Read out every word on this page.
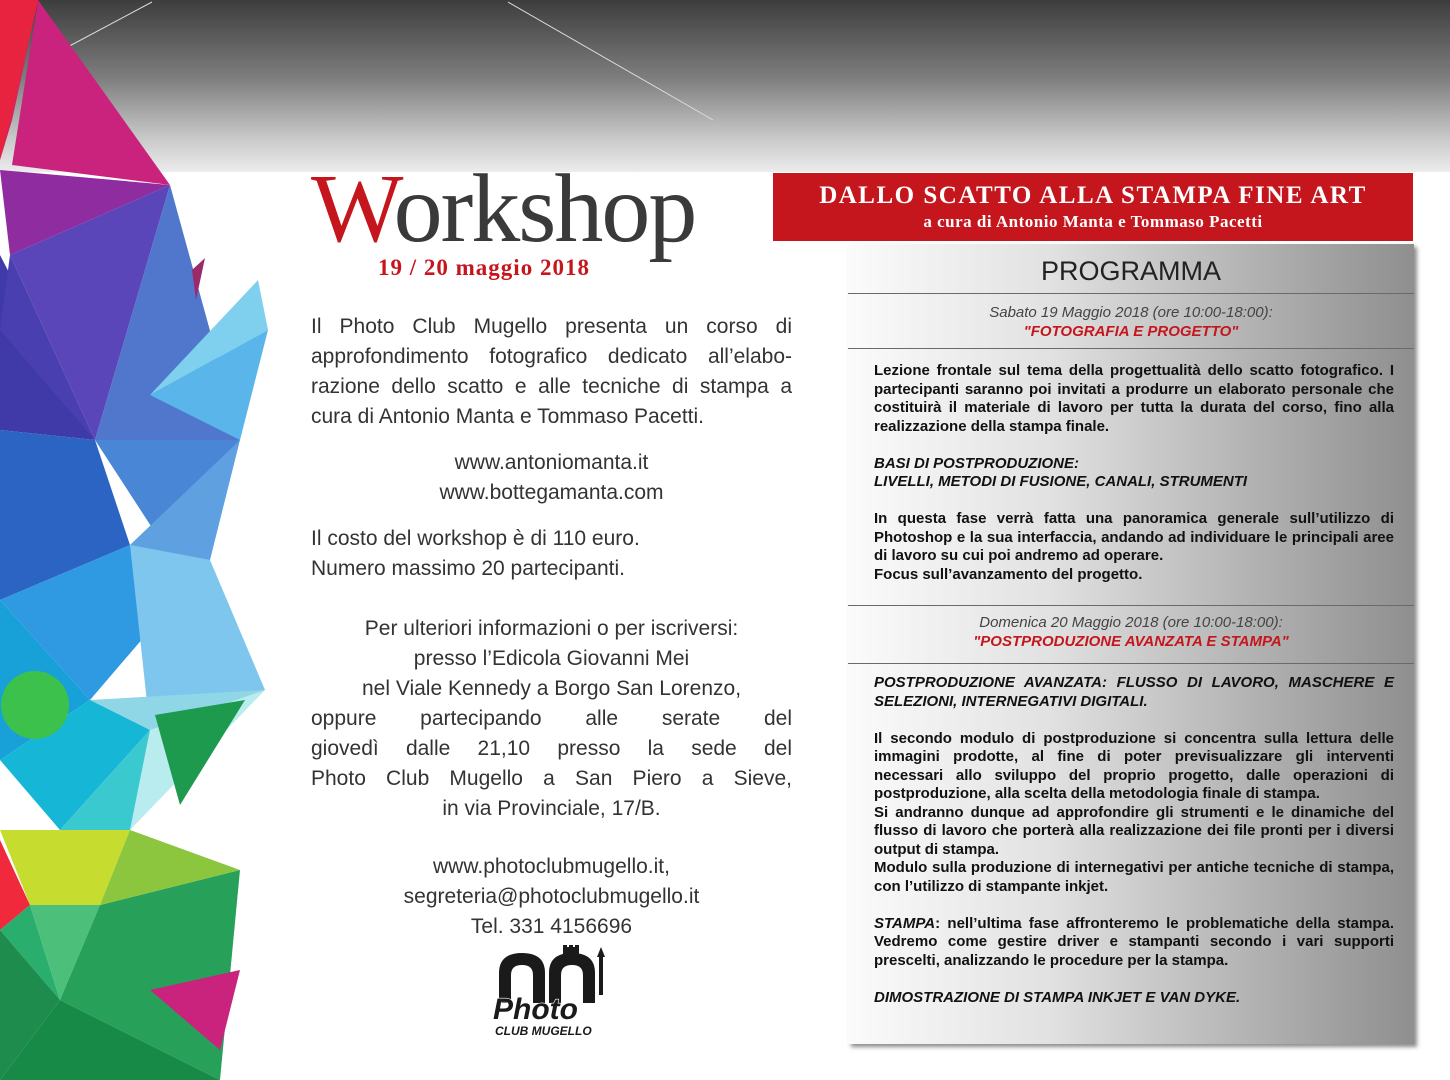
Workshop
19 / 20 maggio 2018
Il Photo Club Mugello presenta un corso di approfondimento fotografico dedicato all’elabo-razione dello scatto e alle tecniche di stampa a cura di Antonio Manta e Tommaso Pacetti.
www.antoniomanta.it
www.bottegamanta.com
Il costo del workshop è di 110 euro.
Numero massimo 20 partecipanti.
Per ulteriori informazioni o per iscriversi:
presso l’Edicola Giovanni Mei
nel Viale Kennedy a Borgo San Lorenzo,
oppure partecipando alle serate del
giovedì dalle 21,10 presso la sede del
Photo Club Mugello a San Piero a Sieve,
in via Provinciale, 17/B.
www.photoclubmugello.it,
segreteria@photoclubmugello.it
Tel. 331 4156696
Photo
CLUB MUGELLO
DALLO SCATTO ALLA STAMPA FINE ART
a cura di Antonio Manta e Tommaso Pacetti
PROGRAMMA
Sabato 19 Maggio 2018 (ore 10:00-18:00):
"FOTOGRAFIA E PROGETTO"

Lezione frontale sul tema della progettualità dello scatto fotografico. I partecipanti saranno poi invitati a produrre un elaborato personale che costituirà il materiale di lavoro per tutta la durata del corso, fino alla realizzazione della stampa finale.

BASI DI POSTPRODUZIONE:

LIVELLI, METODI DI FUSIONE, CANALI, STRUMENTI

In questa fase verrà fatta una panoramica generale sull’utilizzo di Photoshop e la sua interfaccia, andando ad individuare le principali aree di lavoro su cui poi andremo ad operare.

Focus sull’avanzamento del progetto.

Domenica 20 Maggio 2018 (ore 10:00-18:00):
"POSTPRODUZIONE AVANZATA E STAMPA"

POSTPRODUZIONE AVANZATA: FLUSSO DI LAVORO, MASCHERE E SELEZIONI, INTERNEGATIVI DIGITALI.

Il secondo modulo di postproduzione si concentra sulla lettura delle immagini prodotte, al fine di poter previsualizzare gli interventi necessari allo sviluppo del proprio progetto, dalle operazioni di postproduzione, alla scelta della metodologia finale di stampa.

Si andranno dunque ad approfondire gli strumenti e le dinamiche del flusso di lavoro che porterà alla realizzazione dei file pronti per i diversi output di stampa.

Modulo sulla produzione di internegativi per antiche tecniche di stampa, con l’utilizzo di stampante inkjet.

STAMPA: nell’ultima fase affronteremo le problematiche della stampa. Vedremo come gestire driver e stampanti secondo i vari supporti prescelti, analizzando le procedure per la stampa.

DIMOSTRAZIONE DI STAMPA INKJET E VAN DYKE.
